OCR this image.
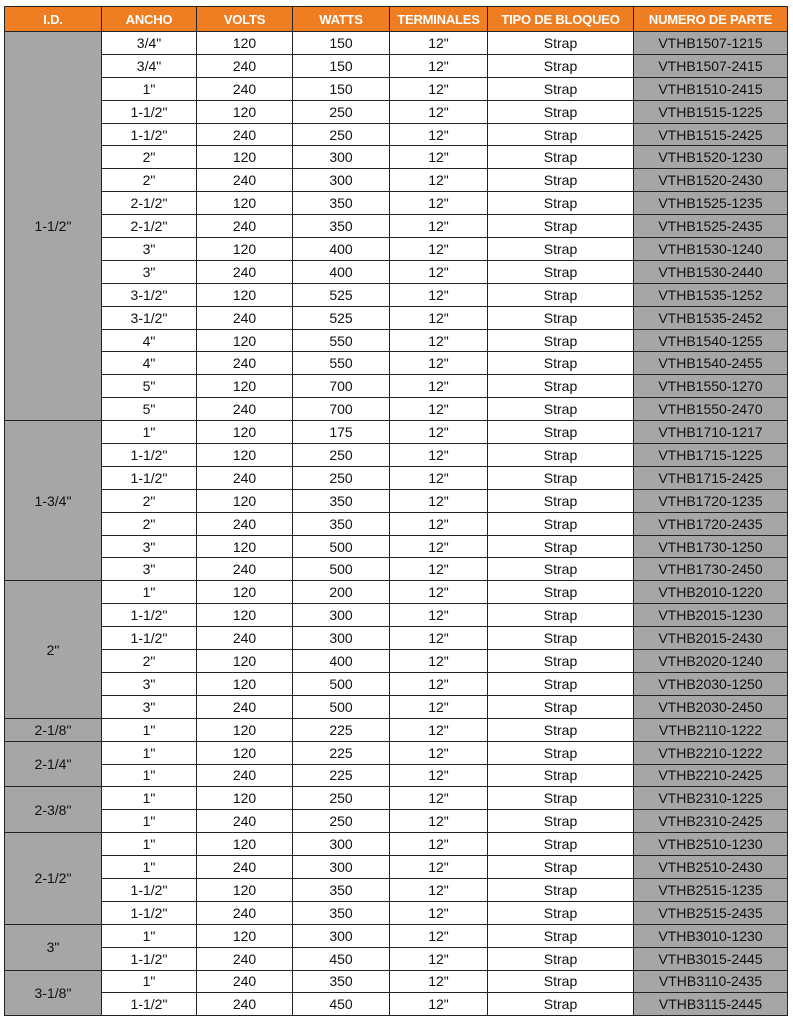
I.D.	ANCHO	VOLTS	WATTS	TERMINALES	TIPO DE BLOQUEO	NUMERO DE PARTE
1-1/2"	3/4"	120	150	12"	Strap	VTHB1507-1215
	3/4"	240	150	12"	Strap	VTHB1507-2415
	1"	240	150	12"	Strap	VTHB1510-2415
	1-1/2"	120	250	12"	Strap	VTHB1515-1225
	1-1/2"	240	250	12"	Strap	VTHB1515-2425
	2"	120	300	12"	Strap	VTHB1520-1230
	2"	240	300	12"	Strap	VTHB1520-2430
	2-1/2"	120	350	12"	Strap	VTHB1525-1235
	2-1/2"	240	350	12"	Strap	VTHB1525-2435
	3"	120	400	12"	Strap	VTHB1530-1240
	3"	240	400	12"	Strap	VTHB1530-2440
	3-1/2"	120	525	12"	Strap	VTHB1535-1252
	3-1/2"	240	525	12"	Strap	VTHB1535-2452
	4"	120	550	12"	Strap	VTHB1540-1255
	4"	240	550	12"	Strap	VTHB1540-2455
	5"	120	700	12"	Strap	VTHB1550-1270
	5"	240	700	12"	Strap	VTHB1550-2470
1-3/4"	1"	120	175	12"	Strap	VTHB1710-1217
	1-1/2"	120	250	12"	Strap	VTHB1715-1225
	1-1/2"	240	250	12"	Strap	VTHB1715-2425
	2"	120	350	12"	Strap	VTHB1720-1235
	2"	240	350	12"	Strap	VTHB1720-2435
	3"	120	500	12"	Strap	VTHB1730-1250
	3"	240	500	12"	Strap	VTHB1730-2450
2"	1"	120	200	12"	Strap	VTHB2010-1220
	1-1/2"	120	300	12"	Strap	VTHB2015-1230
	1-1/2"	240	300	12"	Strap	VTHB2015-2430
	2"	120	400	12"	Strap	VTHB2020-1240
	3"	120	500	12"	Strap	VTHB2030-1250
	3"	240	500	12"	Strap	VTHB2030-2450
2-1/8"	1"	120	225	12"	Strap	VTHB2110-1222
2-1/4"	1"	120	225	12"	Strap	VTHB2210-1222
	1"	240	225	12"	Strap	VTHB2210-2425
2-3/8"	1"	120	250	12"	Strap	VTHB2310-1225
	1"	240	250	12"	Strap	VTHB2310-2425
2-1/2"	1"	120	300	12"	Strap	VTHB2510-1230
	1"	240	300	12"	Strap	VTHB2510-2430
	1-1/2"	120	350	12"	Strap	VTHB2515-1235
	1-1/2"	240	350	12"	Strap	VTHB2515-2435
3"	1"	120	300	12"	Strap	VTHB3010-1230
	1-1/2"	240	450	12"	Strap	VTHB3015-2445
3-1/8"	1"	240	350	12"	Strap	VTHB3110-2435
	1-1/2"	240	450	12"	Strap	VTHB3115-2445
